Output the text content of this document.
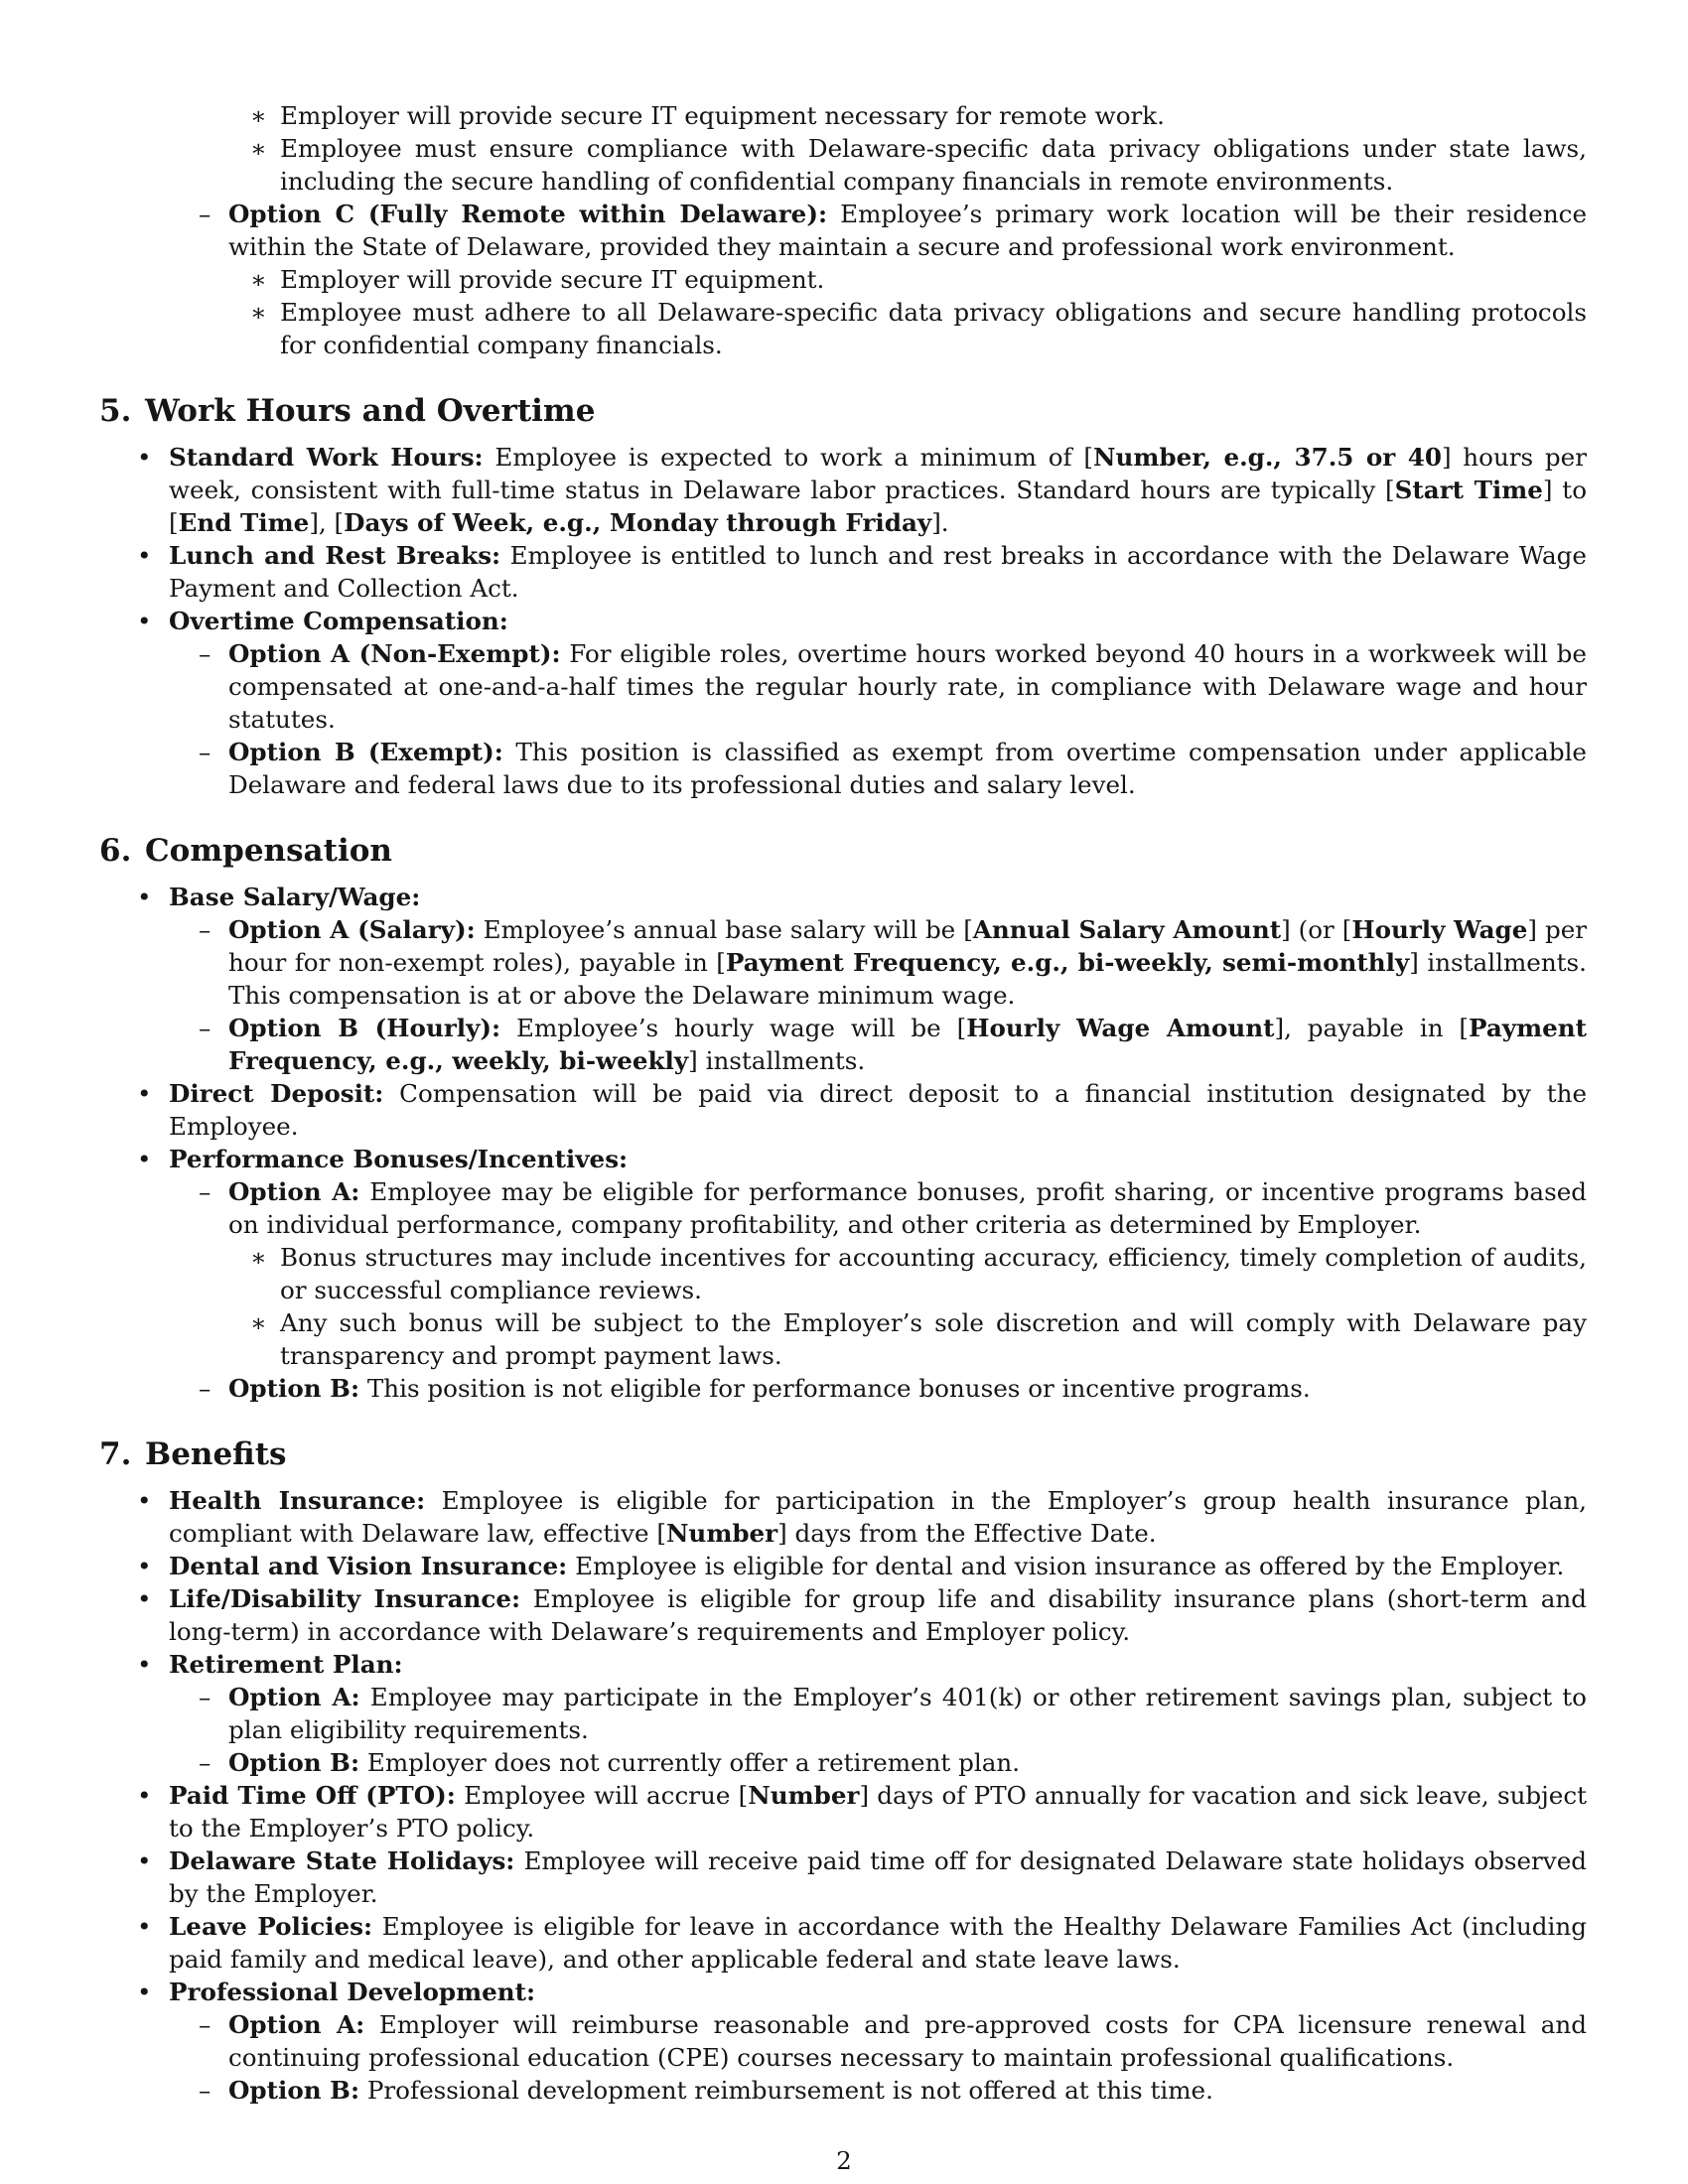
∗ Employer will provide secure IT equipment necessary for remote work.

∗ Employee must ensure compliance with Delaware-specific data privacy obligations under state laws, including the secure handling of confidential company financials in remote environments.

– Option C (Fully Remote within Delaware): Employee’s primary work location will be their residence within the State of Delaware, provided they maintain a secure and professional work environment.

∗ Employer will provide secure IT equipment.

∗ Employee must adhere to all Delaware-specific data privacy obligations and secure handling protocols for confidential company financials.

5. Work Hours and Overtime

• Standard Work Hours: Employee is expected to work a minimum of [Number, e.g., 37.5 or 40] hours per week, consistent with full-time status in Delaware labor practices. Standard hours are typically [Start Time] to [End Time], [Days of Week, e.g., Monday through Friday].

• Lunch and Rest Breaks: Employee is entitled to lunch and rest breaks in accordance with the Delaware Wage Payment and Collection Act.

• Overtime Compensation:

– Option A (Non-Exempt): For eligible roles, overtime hours worked beyond 40 hours in a workweek will be compensated at one-and-a-half times the regular hourly rate, in compliance with Delaware wage and hour statutes.

– Option B (Exempt): This position is classified as exempt from overtime compensation under applicable Delaware and federal laws due to its professional duties and salary level.

6. Compensation

• Base Salary/Wage:

– Option A (Salary): Employee’s annual base salary will be [Annual Salary Amount] (or [Hourly Wage] per hour for non-exempt roles), payable in [Payment Frequency, e.g., bi-weekly, semi-monthly] installments. This compensation is at or above the Delaware minimum wage.

– Option B (Hourly): Employee’s hourly wage will be [Hourly Wage Amount], payable in [Payment Frequency, e.g., weekly, bi-weekly] installments.

• Direct Deposit: Compensation will be paid via direct deposit to a financial institution designated by the Employee.

• Performance Bonuses/Incentives:

– Option A: Employee may be eligible for performance bonuses, profit sharing, or incentive programs based on individual performance, company profitability, and other criteria as determined by Employer.

∗ Bonus structures may include incentives for accounting accuracy, efficiency, timely completion of audits, or successful compliance reviews.

∗ Any such bonus will be subject to the Employer’s sole discretion and will comply with Delaware pay transparency and prompt payment laws.

– Option B: This position is not eligible for performance bonuses or incentive programs.

7. Benefits

• Health Insurance: Employee is eligible for participation in the Employer’s group health insurance plan, compliant with Delaware law, effective [Number] days from the Effective Date.

• Dental and Vision Insurance: Employee is eligible for dental and vision insurance as offered by the Employer.

• Life/Disability Insurance: Employee is eligible for group life and disability insurance plans (short-term and long-term) in accordance with Delaware’s requirements and Employer policy.

• Retirement Plan:

– Option A: Employee may participate in the Employer’s 401(k) or other retirement savings plan, subject to plan eligibility requirements.

– Option B: Employer does not currently offer a retirement plan.

• Paid Time Off (PTO): Employee will accrue [Number] days of PTO annually for vacation and sick leave, subject to the Employer’s PTO policy.

• Delaware State Holidays: Employee will receive paid time off for designated Delaware state holidays observed by the Employer.

• Leave Policies: Employee is eligible for leave in accordance with the Healthy Delaware Families Act (including paid family and medical leave), and other applicable federal and state leave laws.

• Professional Development:

– Option A: Employer will reimburse reasonable and pre-approved costs for CPA licensure renewal and continuing professional education (CPE) courses necessary to maintain professional qualifications.

– Option B: Professional development reimbursement is not offered at this time.

2
